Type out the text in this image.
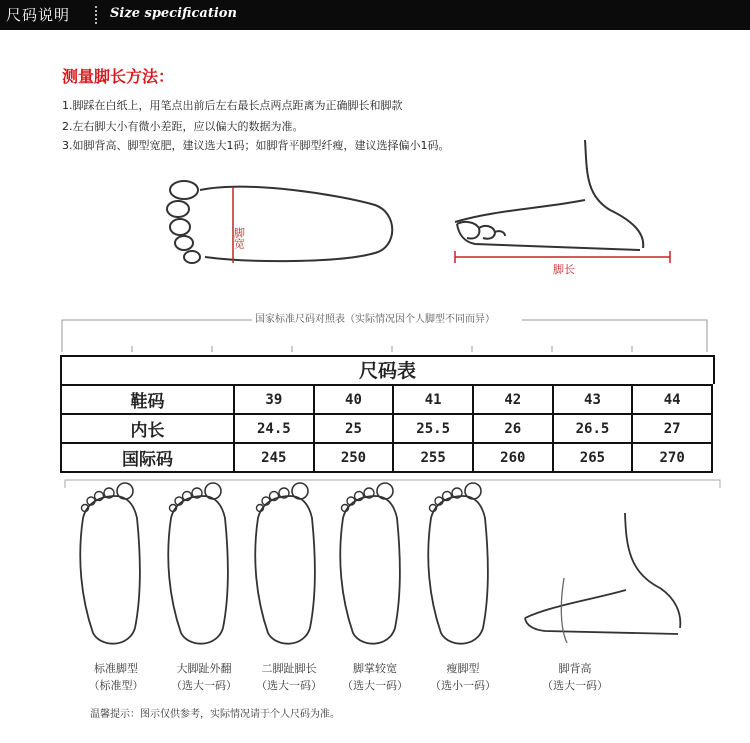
尺码说明	Size specification
测量脚长方法：
1.脚踩在白纸上，用笔点出前后左右最长点两点距离为正确脚长和脚款
2.左右脚大小有微小差距，应以偏大的数据为准。
3.如脚背高、脚型宽肥，建议选大1码；如脚背平脚型纤瘦，建议选择偏小1码。
脚宽
脚长
国家标准尺码对照表（实际情况因个人脚型不同而异）
尺码表
鞋码	39	40	41	42	43	44
内长	24.5	25	25.5	26	26.5	27
国际码	245	250	255	260	265	270
标准脚型
（标准型）
大脚趾外翻
（选大一码）
二脚趾脚长
（选大一码）
脚掌较宽
（选大一码）
瘦脚型
（选小一码）
脚背高
（选大一码）
温馨提示：图示仅供参考，实际情况请于个人尺码为准。
